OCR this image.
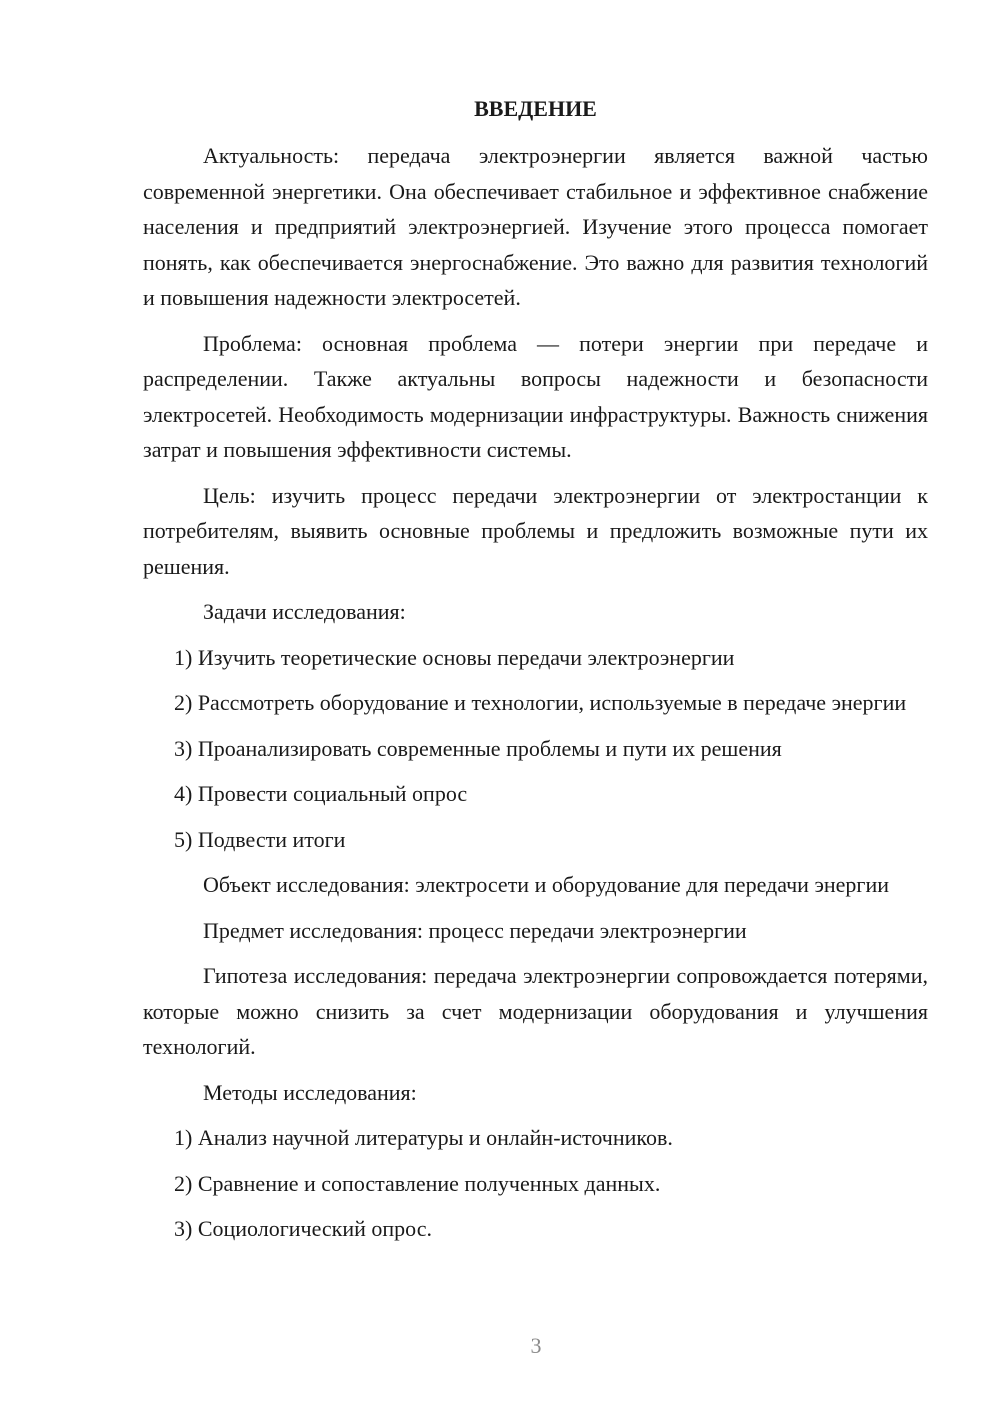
ВВЕДЕНИЕ

Актуальность: передача электроэнергии является важной частью современной энергетики. Она обеспечивает стабильное и эффективное снабжение населения и предприятий электроэнергией. Изучение этого процесса помогает понять, как обеспечивается энергоснабжение. Это важно для развития технологий и повышения надежности электросетей.

Проблема: основная проблема — потери энергии при передаче и распределении. Также актуальны вопросы надежности и безопасности электросетей. Необходимость модернизации инфраструктуры. Важность снижения затрат и повышения эффективности системы.

Цель: изучить процесс передачи электроэнергии от электростанции к потребителям, выявить основные проблемы и предложить возможные пути их решения.

Задачи исследования:

1) Изучить теоретические основы передачи электроэнергии

2) Рассмотреть оборудование и технологии, используемые в передаче энергии

3) Проанализировать современные проблемы и пути их решения

4) Провести социальный опрос

5) Подвести итоги

Объект исследования: электросети и оборудование для передачи энергии

Предмет исследования: процесс передачи электроэнергии

Гипотеза исследования: передача электроэнергии сопровождается потерями, которые можно снизить за счет модернизации оборудования и улучшения технологий.

Методы исследования:

1) Анализ научной литературы и онлайн-источников.

2) Сравнение и сопоставление полученных данных.

3) Социологический опрос.

3
